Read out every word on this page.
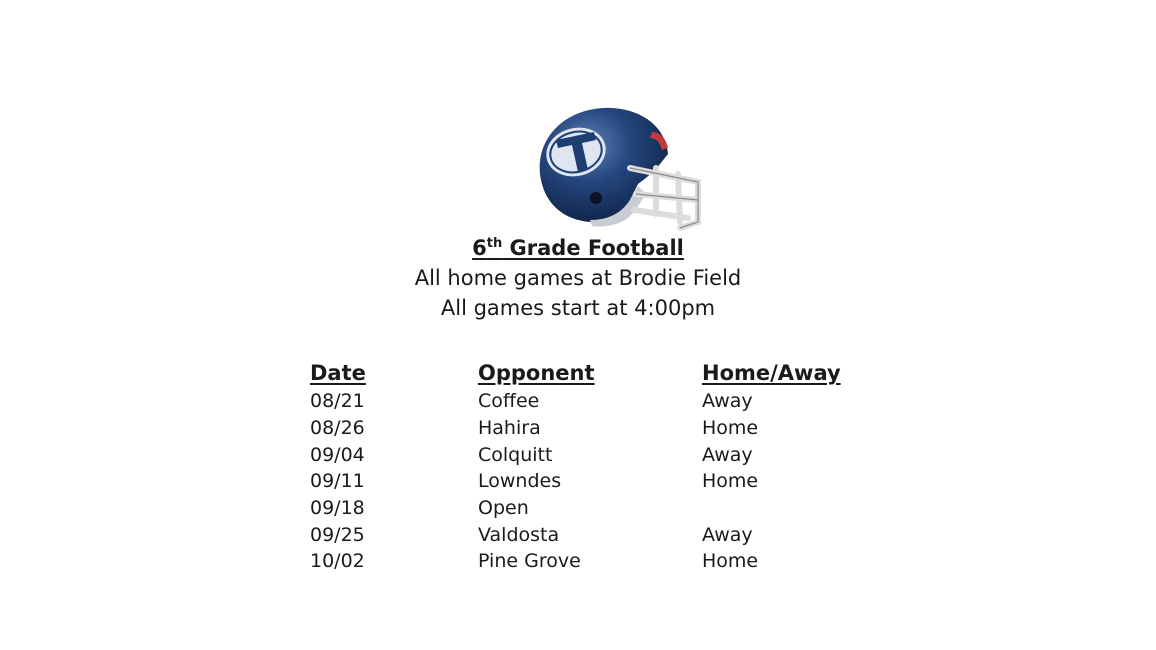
6th Grade Football
All home games at Brodie Field
All games start at 4:00pm
Date	Opponent	Home/Away
08/21	Coffee	Away
08/26	Hahira	Home
09/04	Colquitt	Away
09/11	Lowndes	Home
09/18	Open
09/25	Valdosta	Away
10/02	Pine Grove	Home
